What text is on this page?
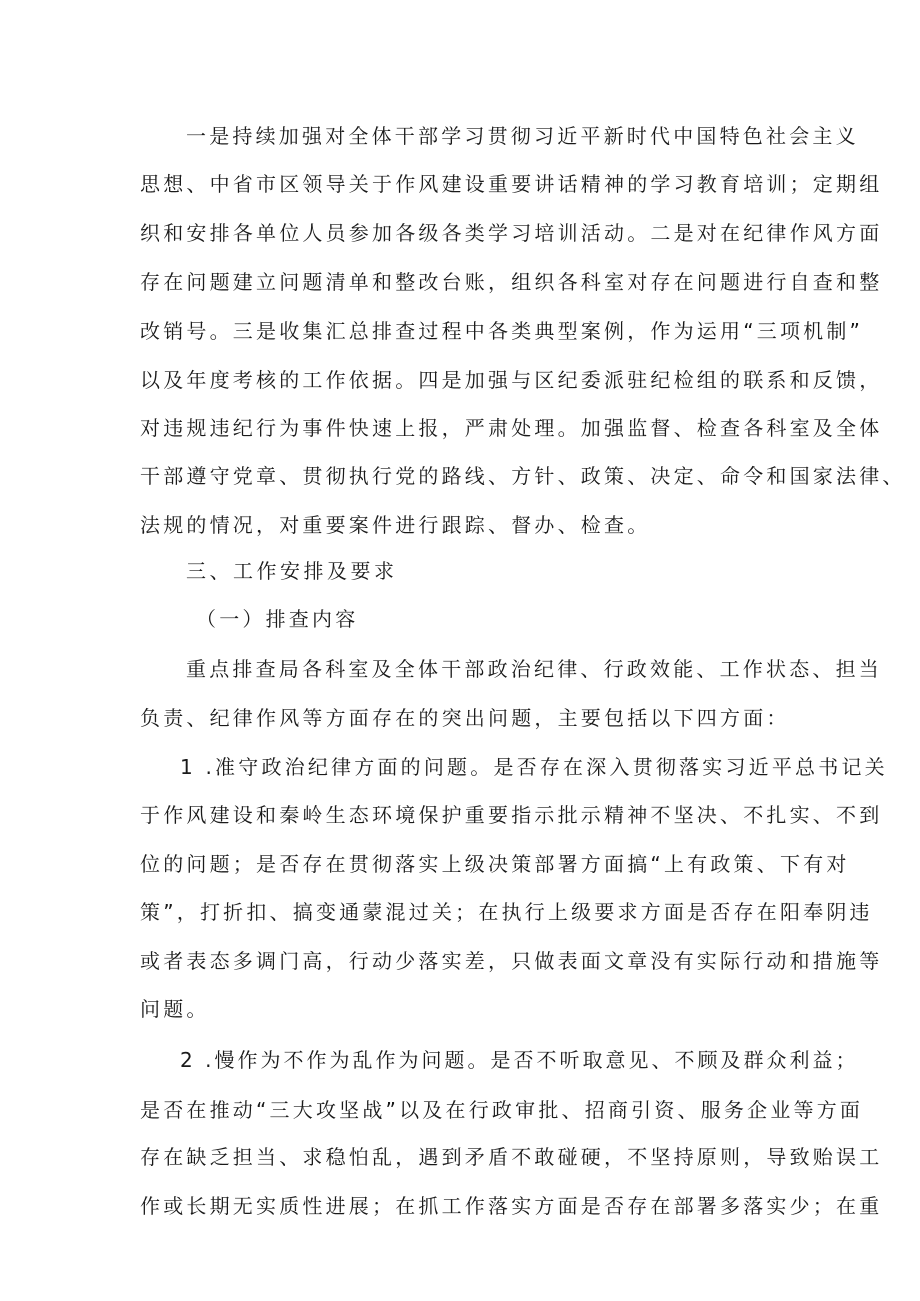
一是持续加强对全体干部学习贯彻习近平新时代中国特色社会主义
思想、中省市区领导关于作风建设重要讲话精神的学习教育培训；定期组
织和安排各单位人员参加各级各类学习培训活动。二是对在纪律作风方面
存在问题建立问题清单和整改台账，组织各科室对存在问题进行自查和整
改销号。三是收集汇总排查过程中各类典型案例，作为运用“三项机制”
以及年度考核的工作依据。四是加强与区纪委派驻纪检组的联系和反馈，
对违规违纪行为事件快速上报，严肃处理。加强监督、检查各科室及全体
干部遵守党章、贯彻执行党的路线、方针、政策、决定、命令和国家法律、
法规的情况，对重要案件进行跟踪、督办、检查。
三、工作安排及要求
（一）排查内容
重点排查局各科室及全体干部政治纪律、行政效能、工作状态、担当
负责、纪律作风等方面存在的突出问题，主要包括以下四方面：
1 .准守政治纪律方面的问题。是否存在深入贯彻落实习近平总书记关
于作风建设和秦岭生态环境保护重要指示批示精神不坚决、不扎实、不到
位的问题；是否存在贯彻落实上级决策部署方面搞“上有政策、下有对
策”，打折扣、搞变通蒙混过关；在执行上级要求方面是否存在阳奉阴违
或者表态多调门高，行动少落实差，只做表面文章没有实际行动和措施等
问题。
2 .慢作为不作为乱作为问题。是否不听取意见、不顾及群众利益；
是否在推动“三大攻坚战”以及在行政审批、招商引资、服务企业等方面
存在缺乏担当、求稳怕乱，遇到矛盾不敢碰硬，不坚持原则，导致贻误工
作或长期无实质性进展；在抓工作落实方面是否存在部署多落实少；在重
